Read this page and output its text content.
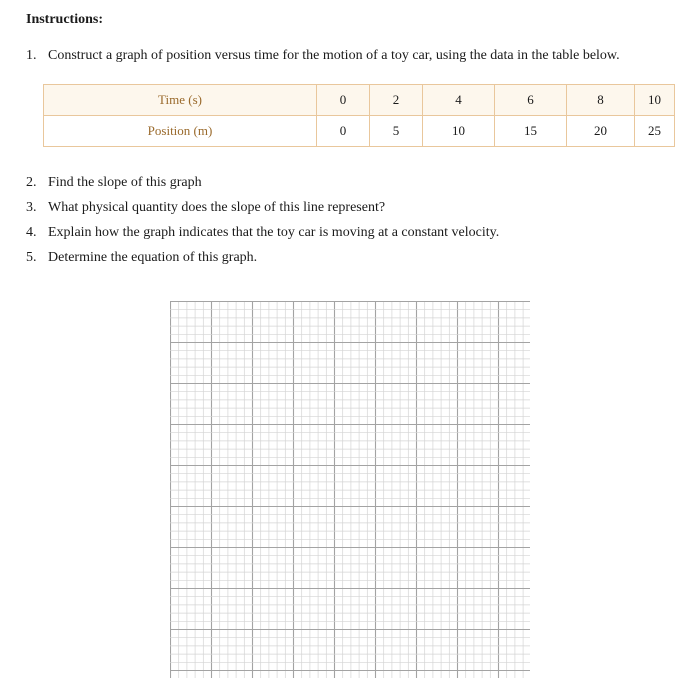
Instructions:
1. Construct a graph of position versus time for the motion of a toy car, using the data in the table below.
Time (s)	0	2	4	6	8	10
Position (m)	0	5	10	15	20	25
2. Find the slope of this graph
3. What physical quantity does the slope of this line represent?
4. Explain how the graph indicates that the toy car is moving at a constant velocity.
5. Determine the equation of this graph.
